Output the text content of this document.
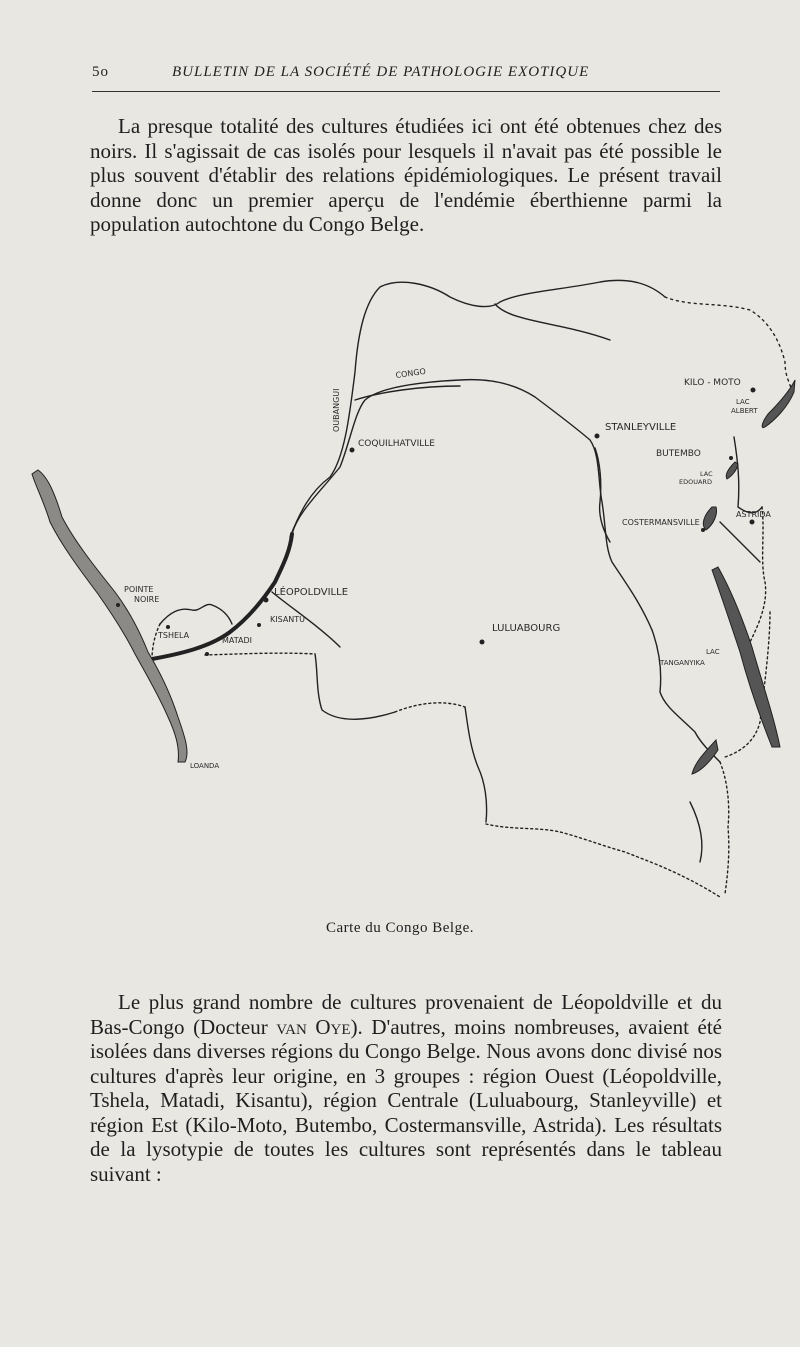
5o	BULLETIN DE LA SOCIÉTÉ DE PATHOLOGIE EXOTIQUE

La presque totalité des cultures étudiées ici ont été obtenues chez des noirs. Il s'agissait de cas isolés pour lesquels il n'avait pas été possible le plus souvent d'établir des relations épidémiologiques. Le présent travail donne donc un premier aperçu de l'endémie éberthienne parmi la population autochtone du Congo Belge.

CONGO
OUBANGUI
COQUILHATVILLE
KILO - MOTO
LAC
ALBERT
STANLEYVILLE
BUTEMBO
LAC
EDOUARD
ASTRIDA
COSTERMANSVILLE
POINTE
NOIRE
LÉOPOLDVILLE
KISANTU
TSHELA
MATADI
LULUABOURG
LAC
TANGANYIKA
LOANDA
Carte du Congo Belge.

Le plus grand nombre de cultures provenaient de Léopoldville et du Bas-Congo (Docteur van Oye). D'autres, moins nombreuses, avaient été isolées dans diverses régions du Congo Belge. Nous avons donc divisé nos cultures d'après leur origine, en 3 groupes : région Ouest (Léopoldville, Tshela, Matadi, Kisantu), région Centrale (Luluabourg, Stanleyville) et région Est (Kilo-Moto, Butembo, Costermansville, Astrida). Les résultats de la lysotypie de toutes les cultures sont représentés dans le tableau suivant :
